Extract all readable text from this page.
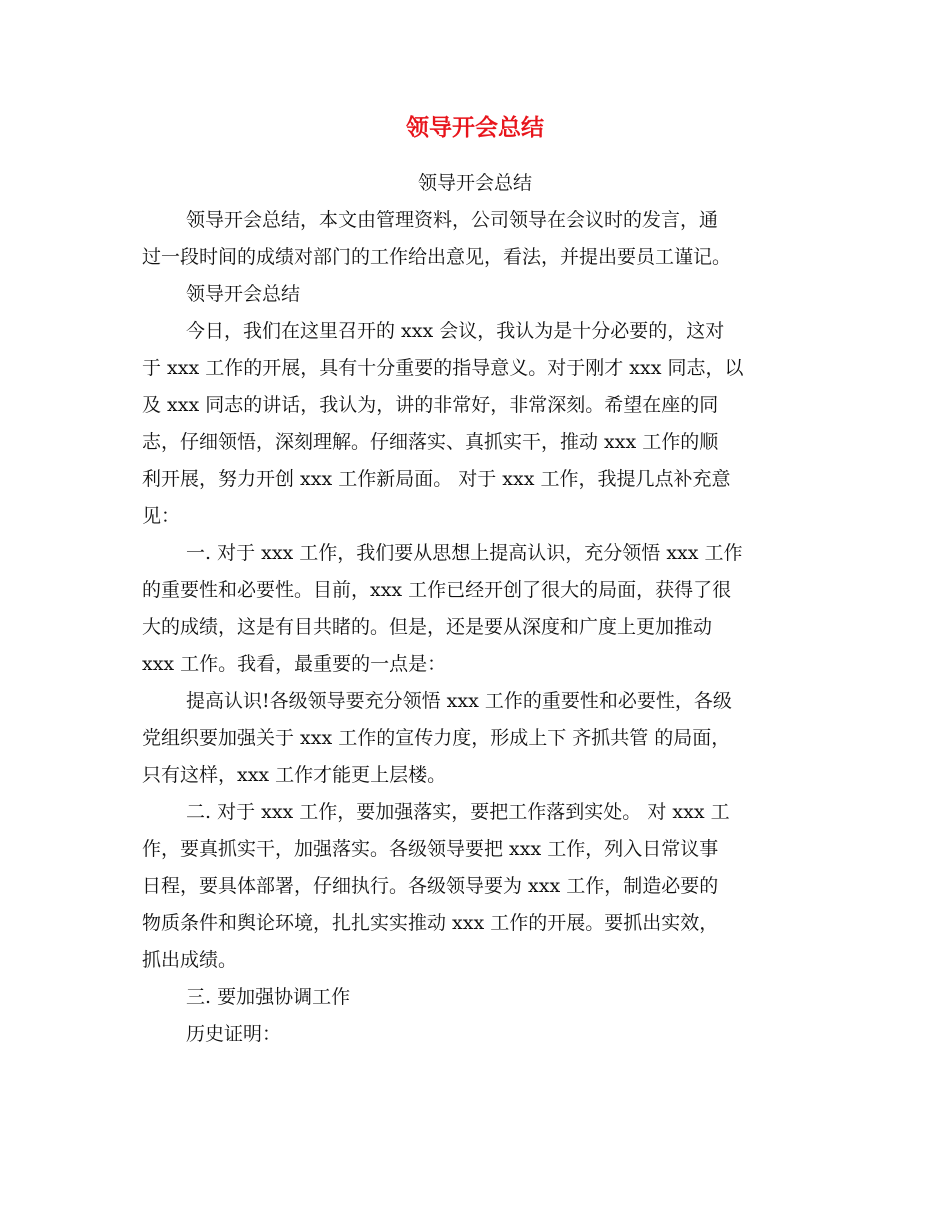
领导开会总结
领导开会总结
领导开会总结，本文由管理资料，公司领导在会议时的发言，通
过一段时间的成绩对部门的工作给出意见，看法，并提出要员工谨记。
领导开会总结
今日，我们在这里召开的 xxx 会议，我认为是十分必要的，这对
于 xxx 工作的开展，具有十分重要的指导意义。对于刚才 xxx 同志，以
及 xxx 同志的讲话，我认为，讲的非常好，非常深刻。希望在座的同
志，仔细领悟，深刻理解。仔细落实、真抓实干，推动 xxx 工作的顺
利开展，努力开创 xxx 工作新局面。 对于 xxx 工作，我提几点补充意
见：
一. 对于 xxx 工作，我们要从思想上提高认识，充分领悟 xxx 工作
的重要性和必要性。目前，xxx 工作已经开创了很大的局面，获得了很
大的成绩，这是有目共睹的。但是，还是要从深度和广度上更加推动
xxx 工作。我看，最重要的一点是：
提高认识!各级领导要充分领悟 xxx 工作的重要性和必要性，各级
党组织要加强关于 xxx 工作的宣传力度，形成上下 齐抓共管 的局面，
只有这样，xxx 工作才能更上层楼。
二. 对于 xxx 工作，要加强落实，要把工作落到实处。 对 xxx 工
作，要真抓实干，加强落实。各级领导要把 xxx 工作，列入日常议事
日程，要具体部署，仔细执行。各级领导要为 xxx 工作，制造必要的
物质条件和舆论环境，扎扎实实推动 xxx 工作的开展。要抓出实效，
抓出成绩。
三. 要加强协调工作
历史证明：
